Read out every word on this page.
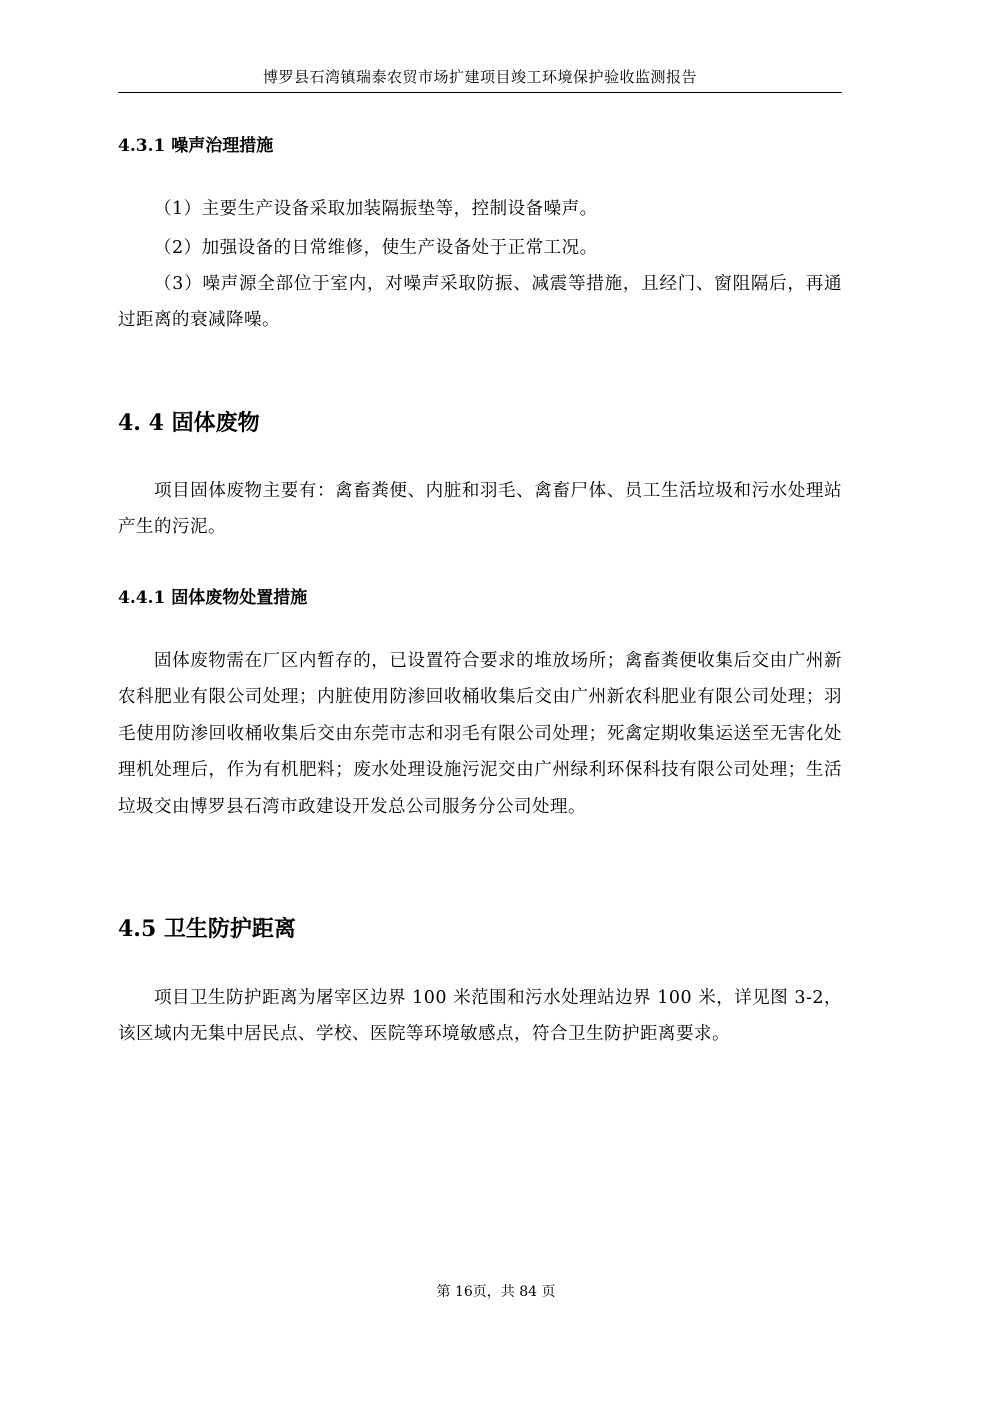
博罗县石湾镇瑞泰农贸市场扩建项目竣工环境保护验收监测报告
4.3.1 噪声治理措施
（1）主要生产设备采取加装隔振垫等，控制设备噪声。
（2）加强设备的日常维修，使生产设备处于正常工况。
（3）噪声源全部位于室内，对噪声采取防振、减震等措施，且经门、窗阻隔后，再通过距离的衰减降噪。
4. 4 固体废物
项目固体废物主要有：禽畜粪便、内脏和羽毛、禽畜尸体、员工生活垃圾和污水处理站产生的污泥。
4.4.1 固体废物处置措施
固体废物需在厂区内暂存的，已设置符合要求的堆放场所；禽畜粪便收集后交由广州新农科肥业有限公司处理；内脏使用防渗回收桶收集后交由广州新农科肥业有限公司处理；羽毛使用防渗回收桶收集后交由东莞市志和羽毛有限公司处理；死禽定期收集运送至无害化处理机处理后，作为有机肥料；废水处理设施污泥交由广州绿利环保科技有限公司处理；生活垃圾交由博罗县石湾市政建设开发总公司服务分公司处理。
4.5 卫生防护距离
项目卫生防护距离为屠宰区边界 100 米范围和污水处理站边界 100 米，详见图 3-2，该区域内无集中居民点、学校、医院等环境敏感点，符合卫生防护距离要求。
第 16页，共 84 页
